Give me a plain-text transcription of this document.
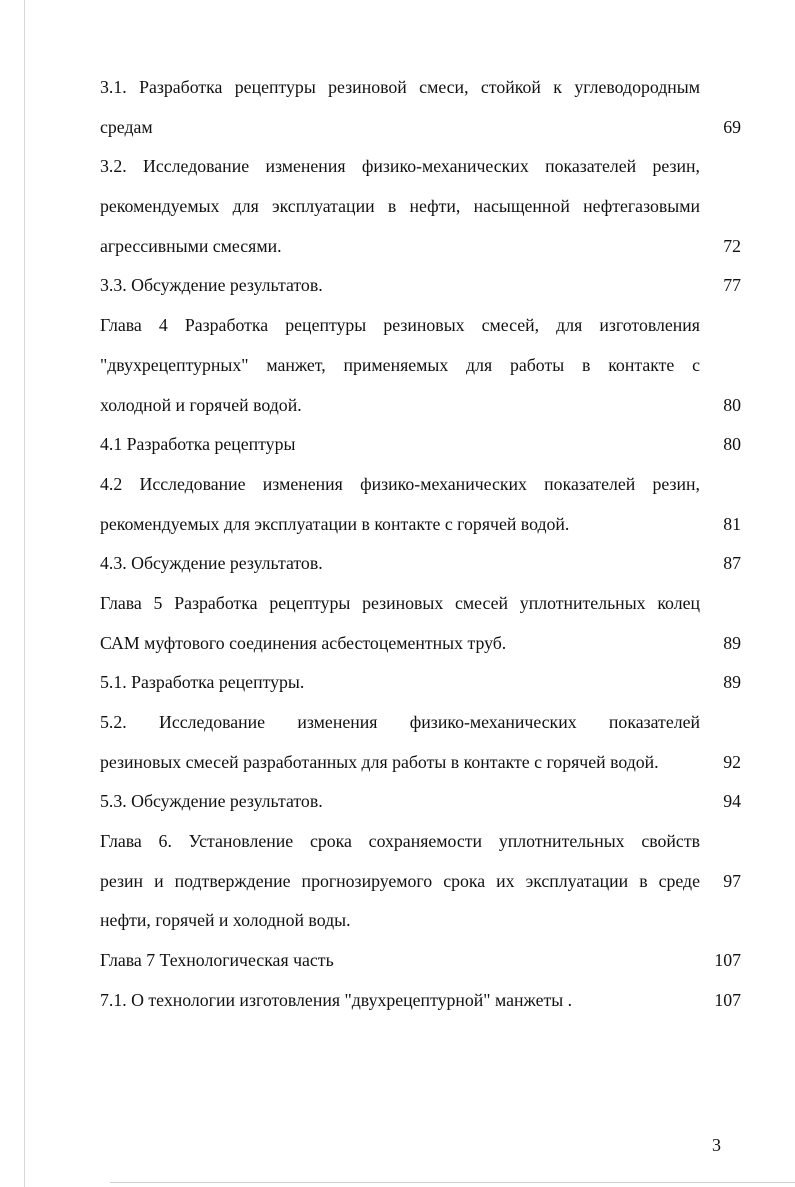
3.1. Разработка рецептуры резиновой смеси, стойкой к углеводородным
средам	69
3.2. Исследование изменения физико-механических показателей резин,
рекомендуемых для эксплуатации в нефти, насыщенной нефтегазовыми
агрессивными смесями.	72
3.3. Обсуждение результатов.	77
Глава 4 Разработка рецептуры резиновых смесей, для изготовления
"двухрецептурных" манжет, применяемых для работы в контакте с
холодной и горячей водой.	80
4.1 Разработка рецептуры	80
4.2 Исследование изменения физико-механических показателей резин,
рекомендуемых для эксплуатации в контакте с горячей водой.	81
4.3. Обсуждение результатов.	87
Глава 5 Разработка рецептуры резиновых смесей уплотнительных колец
САМ муфтового соединения асбестоцементных труб.	89
5.1. Разработка рецептуры.	89
5.2. Исследование изменения физико-механических показателей
резиновых смесей разработанных для работы в контакте с горячей водой.	92
5.3. Обсуждение результатов.	94
Глава 6. Установление срока сохраняемости уплотнительных свойств
резин и подтверждение прогнозируемого срока их эксплуатации в среде 97
нефти, горячей и холодной воды.
Глава 7 Технологическая часть	107
7.1. О технологии изготовления "двухрецептурной" манжеты .	107
3
